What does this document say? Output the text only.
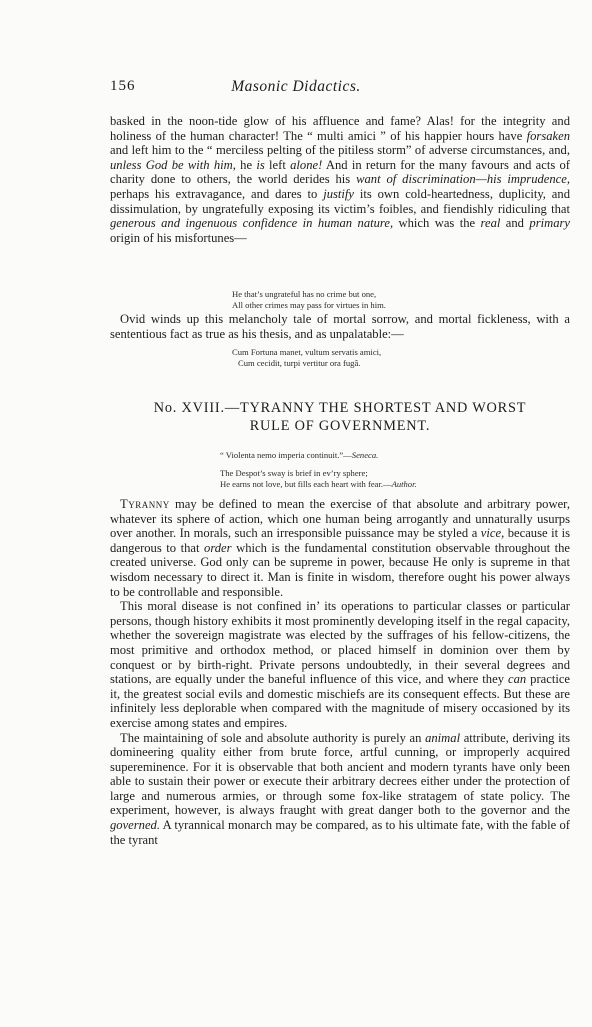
156	Masonic Didactics.

basked in the noon-tide glow of his affluence and fame? Alas! for the integrity and holiness of the human character! The “ multi amici ” of his happier hours have forsaken and left him to the “ merciless pelting of the pitiless storm” of adverse circumstances, and, unless God be with him, he is left alone! And in return for the many favours and acts of charity done to others, the world derides his want of discrimination—his imprudence, perhaps his extravagance, and dares to justify its own cold-heartedness, duplicity, and dissimulation, by ungratefully exposing its victim’s foibles, and fiendishly ridiculing that generous and ingenuous confidence in human nature, which was the real and primary origin of his misfortunes—

He that’s ungrateful has no crime but one,
All other crimes may pass for virtues in him.

Ovid winds up this melancholy tale of mortal sorrow, and mortal fickleness, with a sententious fact as true as his thesis, and as unpalatable:—

Cum Fortuna manet, vultum servatis amici,
Cum cecidit, turpi vertitur ora fugâ.
No. XVIII.—TYRANNY THE SHORTEST AND WORST
RULE OF GOVERNMENT.
“ Violenta nemo imperia continuit.”—Seneca.
The Despot’s sway is brief in ev’ry sphere;
He earns not love, but fills each heart with fear.—Author.

Tyranny may be defined to mean the exercise of that absolute and arbitrary power, whatever its sphere of action, which one human being arrogantly and unnaturally usurps over another. In morals, such an irresponsible puissance may be styled a vice, because it is dangerous to that order which is the fundamental constitution observable throughout the created universe. God only can be supreme in power, because He only is supreme in that wisdom necessary to direct it. Man is finite in wisdom, therefore ought his power always to be controllable and responsible.

This moral disease is not confined in’ its operations to particular classes or particular persons, though history exhibits it most prominently developing itself in the regal capacity, whether the sovereign magistrate was elected by the suffrages of his fellow-citizens, the most primitive and orthodox method, or placed himself in dominion over them by conquest or by birth-right. Private persons undoubtedly, in their several degrees and stations, are equally under the baneful influence of this vice, and where they can practice it, the greatest social evils and domestic mischiefs are its consequent effects. But these are infinitely less deplorable when compared with the magnitude of misery occasioned by its exercise among states and empires.

The maintaining of sole and absolute authority is purely an animal attribute, deriving its domineering quality either from brute force, artful cunning, or improperly acquired supereminence. For it is observable that both ancient and modern tyrants have only been able to sustain their power or execute their arbitrary decrees either under the protection of large and numerous armies, or through some fox-like stratagem of state policy. The experiment, however, is always fraught with great danger both to the governor and the governed. A tyrannical monarch may be compared, as to his ultimate fate, with the fable of the tyrant
